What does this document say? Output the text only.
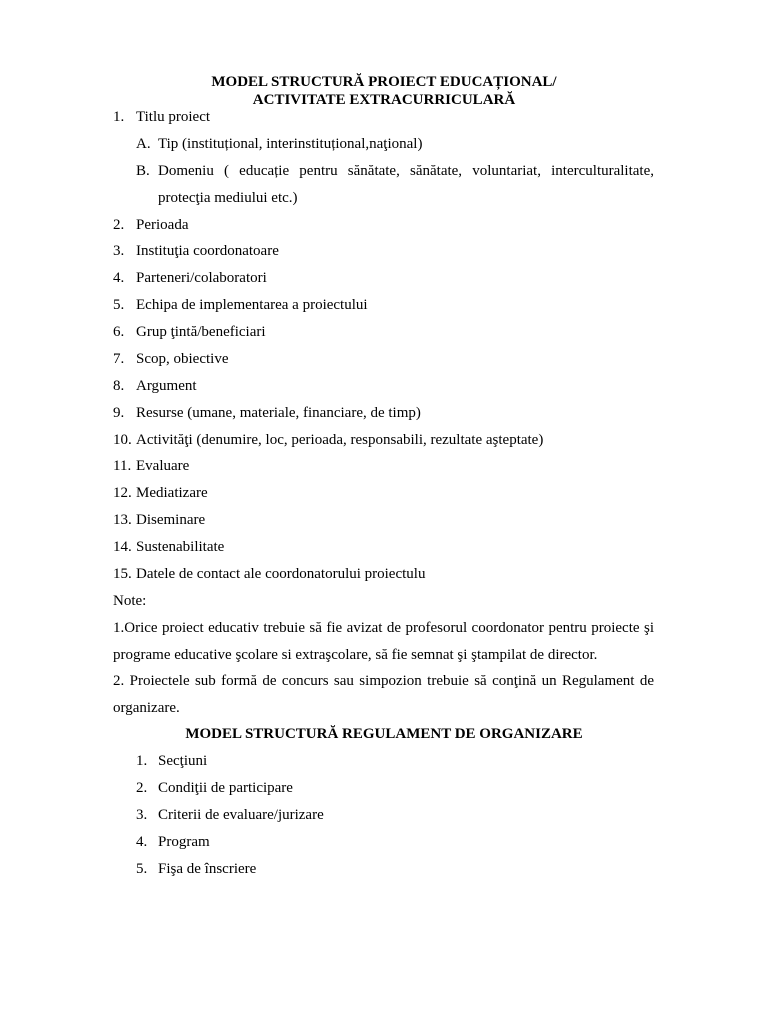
MODEL STRUCTURĂ PROIECT EDUCAȚIONAL/
ACTIVITATE EXTRACURRICULARĂ
1. Titlu proiect
A. Tip (instituțional, interinstituțional,naţional)
B. Domeniu ( educație pentru sănătate, sănătate, voluntariat, interculturalitate,
protecţia mediului etc.)
2. Perioada
3. Instituţia coordonatoare
4. Parteneri/colaboratori
5. Echipa de implementarea a proiectului
6. Grup ţintă/beneficiari
7. Scop, obiective
8. Argument
9. Resurse (umane, materiale, financiare, de timp)
10. Activităţi (denumire, loc, perioada, responsabili, rezultate aşteptate)
11. Evaluare
12. Mediatizare
13. Diseminare
14. Sustenabilitate
15. Datele de contact ale coordonatorului proiectulu
Note:
1.Orice proiect educativ trebuie să fie avizat de profesorul coordonator pentru proiecte şi
programe educative şcolare si extraşcolare, să fie semnat şi ştampilat de director.
2. Proiectele sub formă de concurs sau simpozion trebuie să conţină un Regulament de
organizare.
MODEL STRUCTURĂ REGULAMENT DE ORGANIZARE
1. Secţiuni
2. Condiţii de participare
3. Criterii de evaluare/jurizare
4. Program
5. Fişa de înscriere
